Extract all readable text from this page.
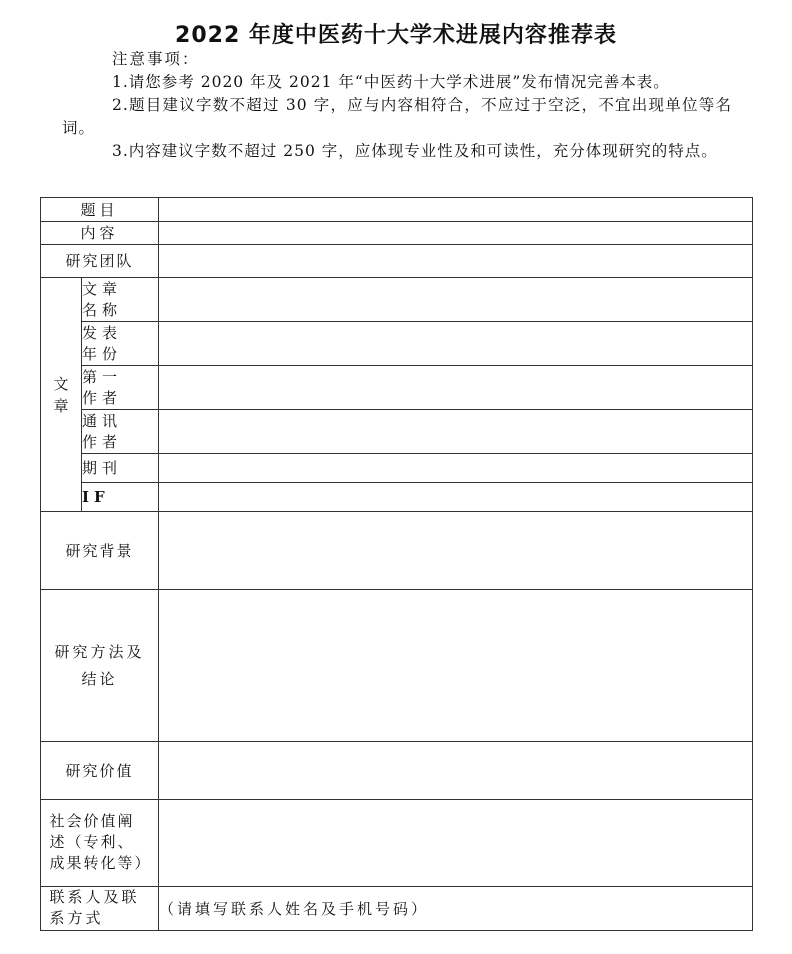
2022 年度中医药十大学术进展内容推荐表

注意事项：

1.请您参考 2020 年及 2021 年“中医药十大学术进展”发布情况完善本表。

2.题目建议字数不超过 30 字，应与内容相符合，不应过于空泛，不宜出现单位等名词。

3.内容建议字数不超过 250 字，应体现专业性及和可读性，充分体现研究的特点。

题目		
内容		
研究团队		
文章	文章名称	
	发表年份	
	第一作者	
	通讯作者	
	期刊	
	IF	
研究背景		
研究方法及结论		
研究价值		
社会价值阐述（专利、成果转化等）		
联系人及联系方式		（请填写联系人姓名及手机号码）
